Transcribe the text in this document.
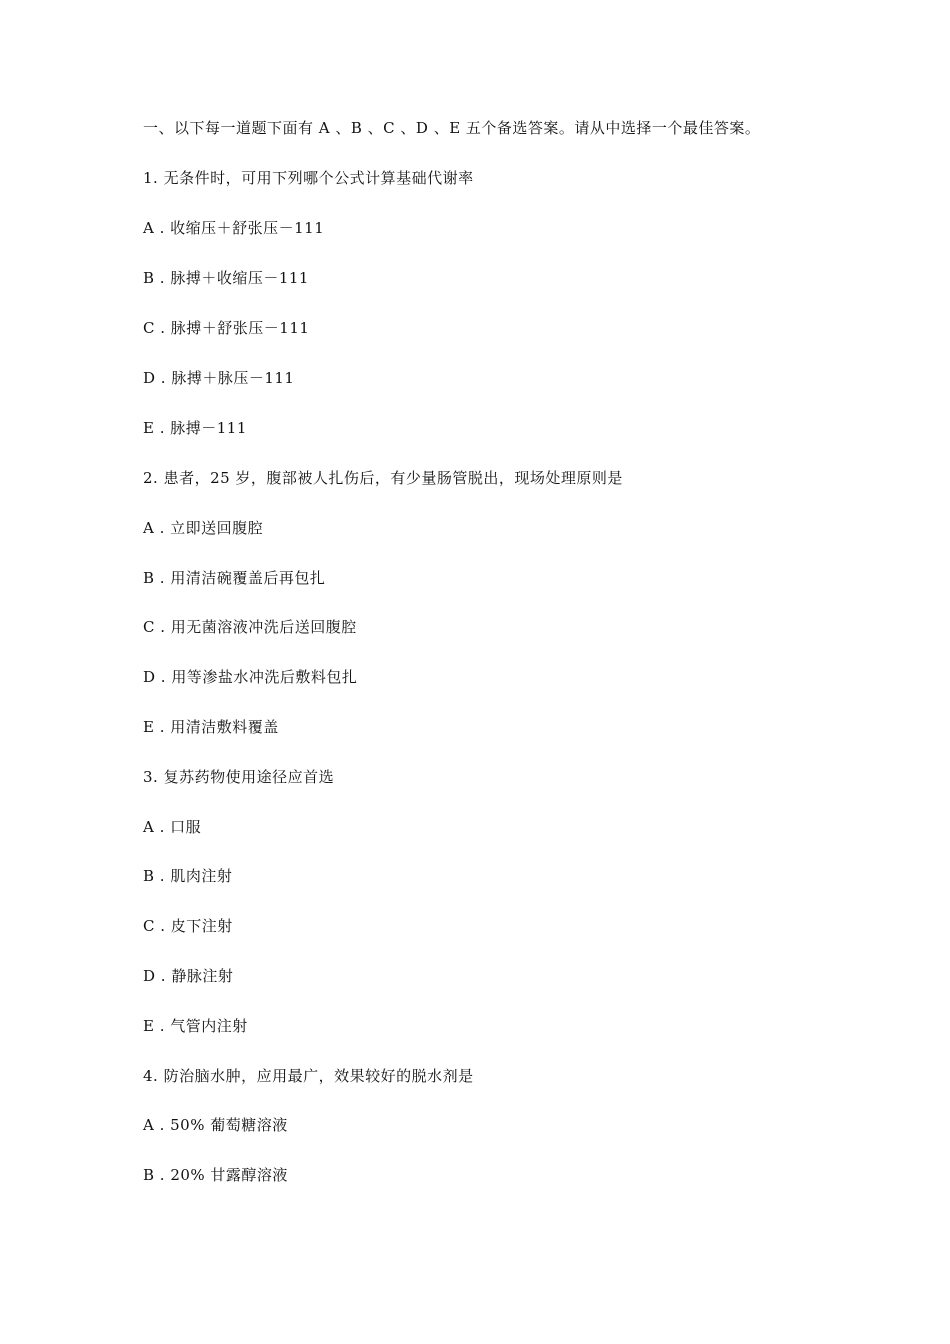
一、以下每一道题下面有 A 、B 、C 、D 、E 五个备选答案。请从中选择一个最佳答案。
1. 无条件时，可用下列哪个公式计算基础代谢率
A . 收缩压＋舒张压－111
B . 脉搏＋收缩压－111
C . 脉搏＋舒张压－111
D . 脉搏＋脉压－111
E . 脉搏－111
2. 患者，25 岁，腹部被人扎伤后，有少量肠管脱出，现场处理原则是
A . 立即送回腹腔
B . 用清洁碗覆盖后再包扎
C . 用无菌溶液冲洗后送回腹腔
D . 用等渗盐水冲洗后敷料包扎
E . 用清洁敷料覆盖
3. 复苏药物使用途径应首选
A . 口服
B . 肌肉注射
C . 皮下注射
D . 静脉注射
E . 气管内注射
4. 防治脑水肿，应用最广，效果较好的脱水剂是
A . 50% 葡萄糖溶液
B . 20% 甘露醇溶液
